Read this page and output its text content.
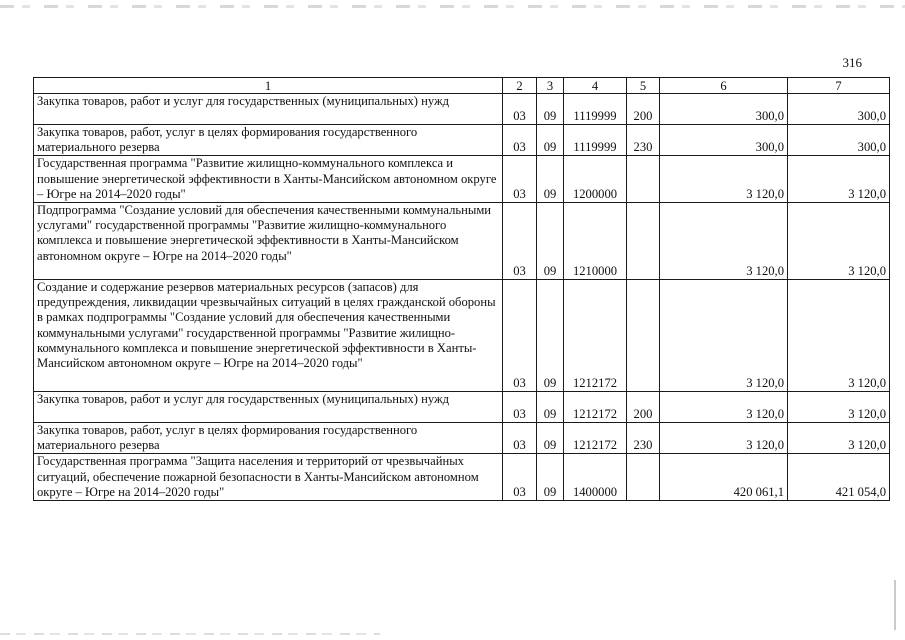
316
1	2	3	4	5	6	7
Закупка товаров, работ и услуг для государственных (муниципальных) нужд	03	09	1119999	200	300,0	300,0
Закупка товаров, работ, услуг в целях формирования государственного материального резерва	03	09	1119999	230	300,0	300,0
Государственная программа "Развитие жилищно-коммунального комплекса и повышение энергетической эффективности в Ханты-Мансийском автономном округе – Югре на 2014–2020 годы"	03	09	1200000		3 120,0	3 120,0
Подпрограмма "Создание условий для обеспечения качественными коммунальными услугами" государственной программы "Развитие жилищно-коммунального комплекса и повышение энергетической эффективности в Ханты-Мансийском автономном округе – Югре на 2014–2020 годы"	03	09	1210000		3 120,0	3 120,0
Создание и содержание резервов материальных ресурсов (запасов) для предупреждения, ликвидации чрезвычайных ситуаций в целях гражданской обороны в рамках подпрограммы "Создание условий для обеспечения качественными коммунальными услугами" государственной программы "Развитие жилищно-коммунального комплекса и повышение энергетической эффективности в Ханты-Мансийском автономном округе – Югре на 2014–2020 годы"	03	09	1212172		3 120,0	3 120,0
Закупка товаров, работ и услуг для государственных (муниципальных) нужд	03	09	1212172	200	3 120,0	3 120,0
Закупка товаров, работ, услуг в целях формирования государственного материального резерва	03	09	1212172	230	3 120,0	3 120,0
Государственная программа "Защита населения и территорий от чрезвычайных ситуаций, обеспечение пожарной безопасности в Ханты-Мансийском автономном округе – Югре на 2014–2020 годы"	03	09	1400000		420 061,1	421 054,0
